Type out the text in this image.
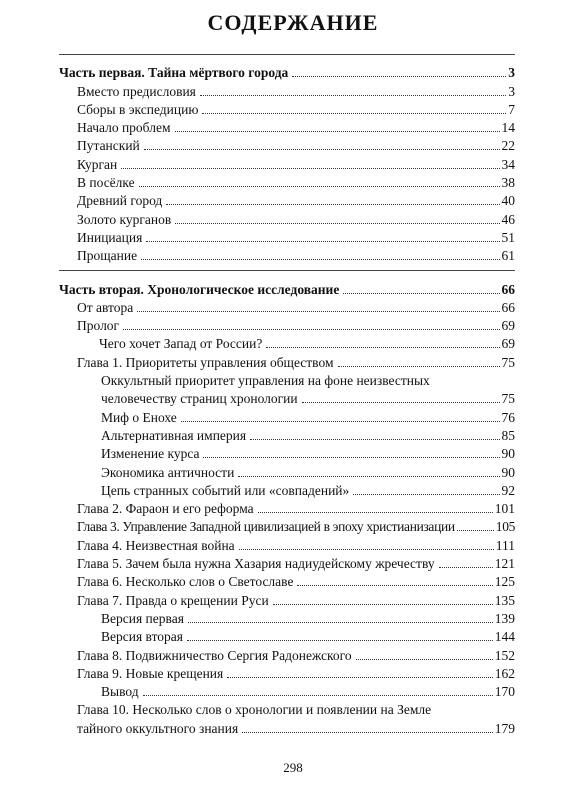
СОДЕРЖАНИЕ
Часть первая. Тайна мёртвого города	3
Вместо предисловия	3
Сборы в экспедицию	7
Начало проблем	14
Путанский	22
Курган	34
В посёлке	38
Древний город	40
Золото курганов	46
Инициация	51
Прощание	61
Часть вторая. Хронологическое исследование	66
От автора	66
Пролог	69
Чего хочет Запад от России?	69
Глава 1. Приоритеты управления обществом	75
Оккультный приоритет управления на фоне неизвестных
человечеству страниц хронологии	75
Миф о Енохе	76
Альтернативная империя	85
Изменение курса	90
Экономика античности	90
Цепь странных событий или «совпадений»	92
Глава 2. Фараон и его реформа	101
Глава 3. Управление Западной цивилизацией в эпоху христианизации	105
Глава 4. Неизвестная война	111
Глава 5. Зачем была нужна Хазария надиудейскому жречеству	121
Глава 6. Несколько слов о Светославе	125
Глава 7. Правда о крещении Руси	135
Версия первая	139
Версия вторая	144
Глава 8. Подвижничество Сергия Радонежского	152
Глава 9. Новые крещения	162
Вывод	170
Глава 10. Несколько слов о хронологии и появлении на Земле
тайного оккультного знания	179
298
